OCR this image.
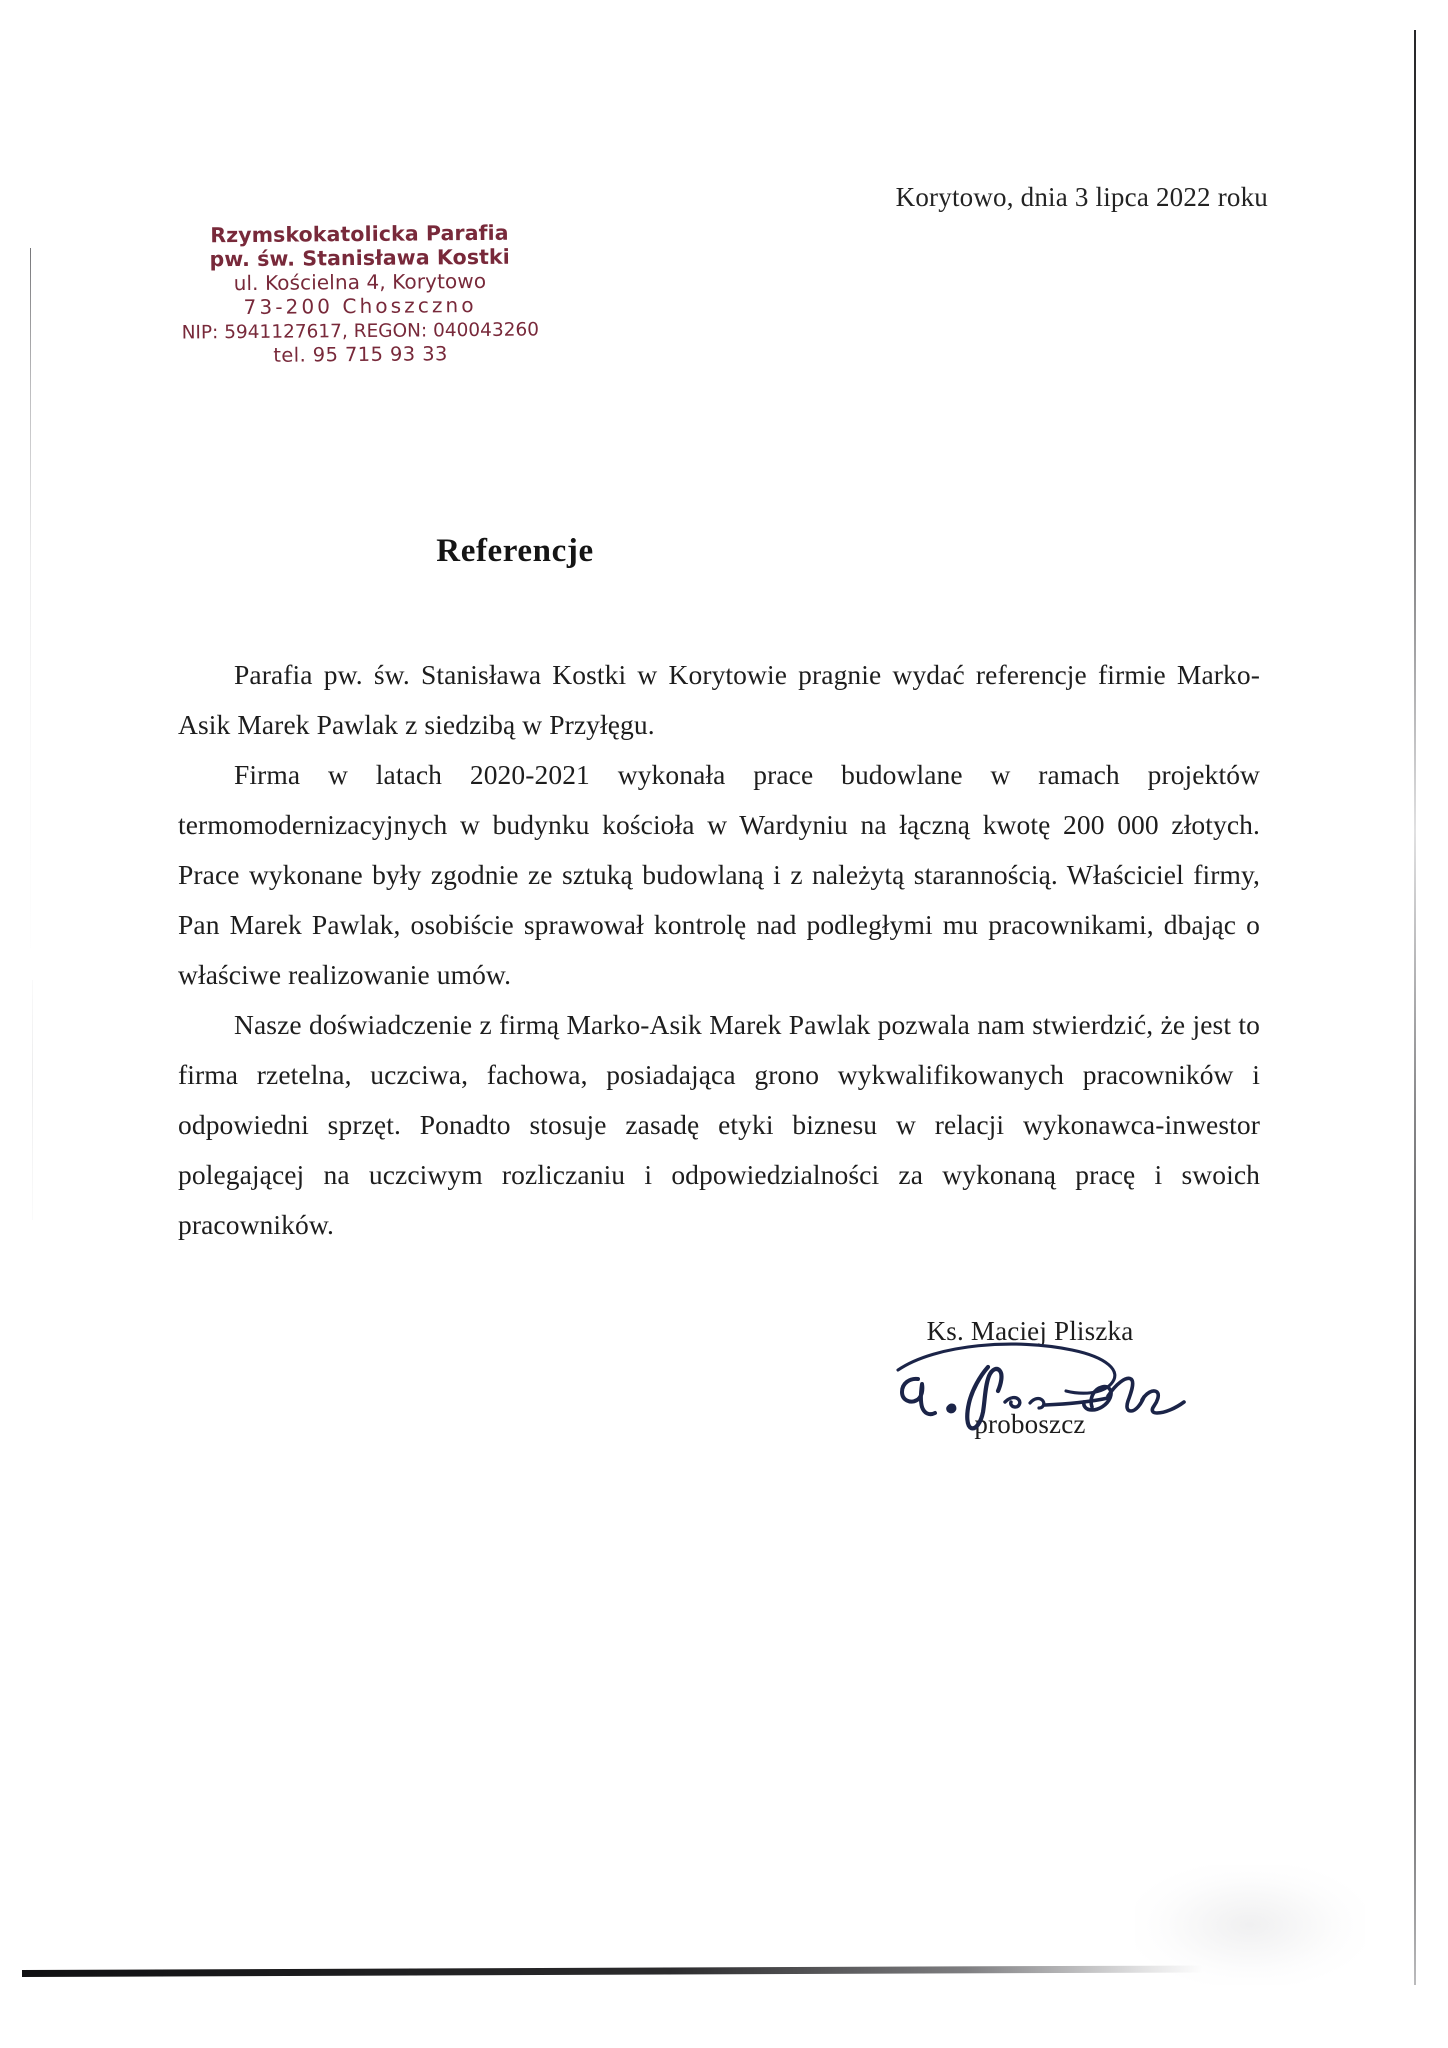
Korytowo, dnia 3 lipca 2022 roku
Rzymskokatolicka Parafia
pw. św. Stanisława Kostki
ul. Kościelna 4, Korytowo
73-200 Choszczno
NIP: 5941127617, REGON: 040043260
tel. 95 715 93 33
Referencje

Parafia pw. św. Stanisława Kostki w Korytowie pragnie wydać referencje firmie Marko-Asik Marek Pawlak z siedzibą w Przyłęgu.

Firma w latach 2020-2021 wykonała prace budowlane w ramach projektów termomodernizacyjnych w budynku kościoła w Wardyniu na łączną kwotę 200 000 złotych. Prace wykonane były zgodnie ze sztuką budowlaną i z należytą starannością. Właściciel firmy, Pan Marek Pawlak, osobiście sprawował kontrolę nad podległymi mu pracownikami, dbając o właściwe realizowanie umów.

Nasze doświadczenie z firmą Marko-Asik Marek Pawlak pozwala nam stwierdzić, że jest to firma rzetelna, uczciwa, fachowa, posiadająca grono wykwalifikowanych pracowników i odpowiedni sprzęt. Ponadto stosuje zasadę etyki biznesu w relacji wykonawca-inwestor polegającej na uczciwym rozliczaniu i odpowiedzialności za wykonaną pracę i swoich pracowników.

Ks. Maciej Pliszka
proboszcz
